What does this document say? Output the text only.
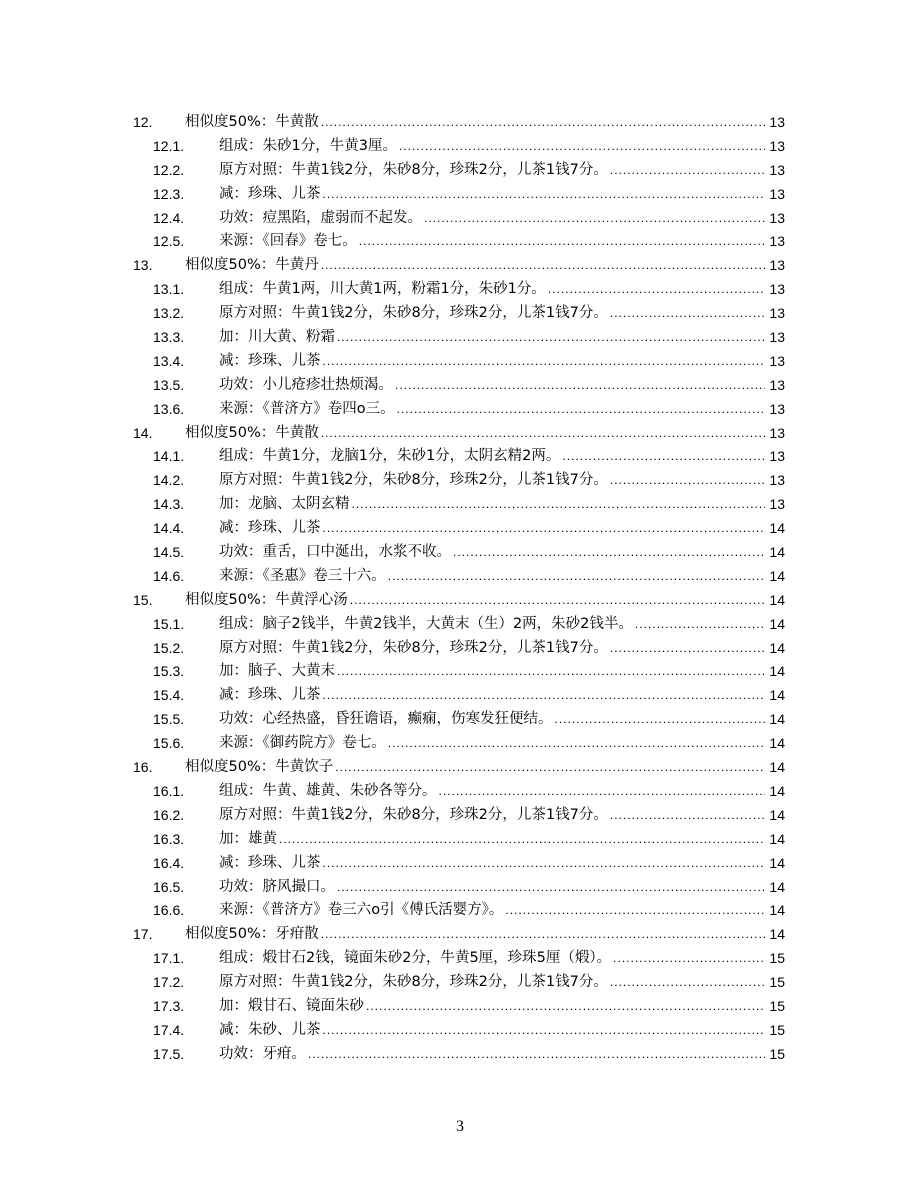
12. 相似度50%：牛黄散 .....	13
12.1. 组成：朱砂1分，牛黄3厘。 .....	13
12.2. 原方对照：牛黄1钱2分，朱砂8分，珍珠2分，儿茶1钱7分。 .....	13
12.3. 减：珍珠、儿茶 .....	13
12.4. 功效：痘黑陷，虚弱而不起发。 .....	13
12.5. 来源：《回春》卷七。 .....	13
13. 相似度50%：牛黄丹 .....	13
13.1. 组成：牛黄1两，川大黄1两，粉霜1分，朱砂1分。 .....	13
13.2. 原方对照：牛黄1钱2分，朱砂8分，珍珠2分，儿茶1钱7分。 .....	13
13.3. 加：川大黄、粉霜 .....	13
13.4. 减：珍珠、儿茶 .....	13
13.5. 功效：小儿疮疹壮热烦渴。 .....	13
13.6. 来源：《普济方》卷四o三。 .....	13
14. 相似度50%：牛黄散 .....	13
14.1. 组成：牛黄1分，龙脑1分，朱砂1分，太阴玄精2两。 .....	13
14.2. 原方对照：牛黄1钱2分，朱砂8分，珍珠2分，儿茶1钱7分。 .....	13
14.3. 加：龙脑、太阴玄精 .....	13
14.4. 减：珍珠、儿茶 .....	14
14.5. 功效：重舌，口中涎出，水浆不收。 .....	14
14.6. 来源：《圣惠》卷三十六。 .....	14
15. 相似度50%：牛黄浮心汤 .....	14
15.1. 组成：脑子2钱半，牛黄2钱半，大黄末（生）2两，朱砂2钱半。 .....	14
15.2. 原方对照：牛黄1钱2分，朱砂8分，珍珠2分，儿茶1钱7分。 .....	14
15.3. 加：脑子、大黄末 .....	14
15.4. 减：珍珠、儿茶 .....	14
15.5. 功效：心经热盛，昏狂谵语，癫痫，伤寒发狂便结。 .....	14
15.6. 来源：《御药院方》卷七。 .....	14
16. 相似度50%：牛黄饮子 .....	14
16.1. 组成：牛黄、雄黄、朱砂各等分。 .....	14
16.2. 原方对照：牛黄1钱2分，朱砂8分，珍珠2分，儿茶1钱7分。 .....	14
16.3. 加：雄黄 .....	14
16.4. 减：珍珠、儿茶 .....	14
16.5. 功效：脐风撮口。 .....	14
16.6. 来源：《普济方》卷三六o引《傅氏活婴方》。 .....	14
17. 相似度50%：牙疳散 .....	14
17.1. 组成：煅甘石2钱，镜面朱砂2分，牛黄5厘，珍珠5厘（煅）。 .....	15
17.2. 原方对照：牛黄1钱2分，朱砂8分，珍珠2分，儿茶1钱7分。 .....	15
17.3. 加：煅甘石、镜面朱砂 .....	15
17.4. 减：朱砂、儿茶 .....	15
17.5. 功效：牙疳。 .....	15
3
